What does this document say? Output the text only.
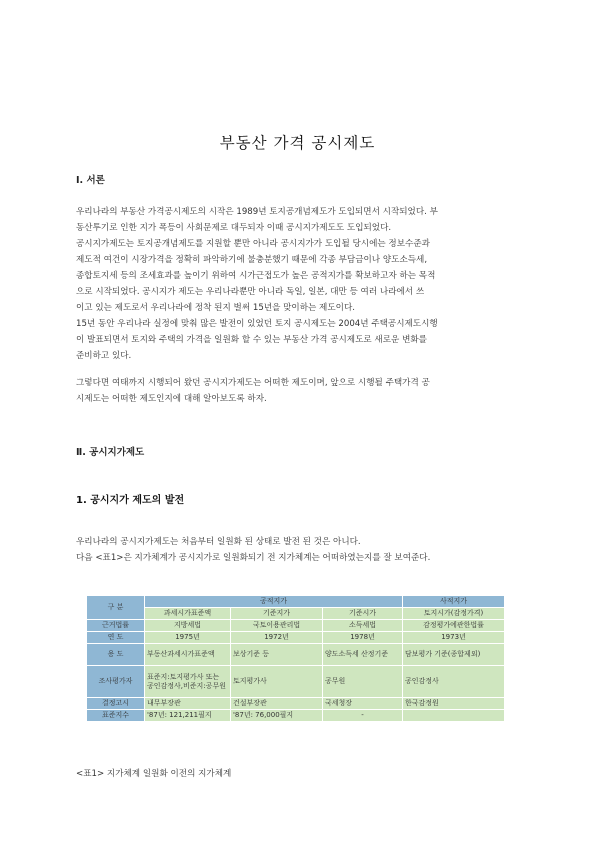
부동산 가격 공시제도
Ⅰ. 서론
우리나라의 부동산 가격공시제도의 시작은 1989년 토지공개념제도가 도입되면서 시작되었다. 부
동산투기로 인한 지가 폭등이 사회문제로 대두되자 이때 공시지가제도도 도입되었다.
공시지가제도는 토지공개념제도를 지원할 뿐만 아니라 공시지가가 도입될 당시에는 정보수준과
제도적 여건이 시장가격을 정확히 파악하기에 불충분했기 때문에 각종 부담금이나 양도소득세,
종합토지세 등의 조세효과를 높이기 위하여 시가근접도가 높은 공적지가를 확보하고자 하는 목적
으로 시작되었다. 공시지가 제도는 우리나라뿐만 아니라 독일, 일본, 대만 등 여러 나라에서 쓰
이고 있는 제도로서 우리나라에 정착 된지 벌써 15년을 맞이하는 제도이다.
15년 동안 우리나라 실정에 맞춰 많은 발전이 있었던 토지 공시제도는 2004년 주택공시제도시행
이 발표되면서 토지와 주택의 가격을 일원화 할 수 있는 부동산 가격 공시제도로 새로운 변화를
준비하고 있다.
그렇다면 여태까지 시행되어 왔던 공시지가제도는 어떠한 제도이며, 앞으로 시행될 주택가격 공
시제도는 어떠한 제도인지에 대해 알아보도록 하자.
Ⅱ. 공시지가제도
1. 공시지가 제도의 발전
우리나라의 공시지가제도는 처음부터 일원화 된 상태로 발전 된 것은 아니다.
다음 <표1>은 지가체계가 공시지가로 일원화되기 전 지가체계는 어떠하였는지를 잘 보여준다.
구 분	공적지가			사적지가
	과세시가표준액	기준지가	기준시가	토지시가(감정가격)
근거법률	지방세법	국토이용관리법	소득세법	감정평가에관한법률
연 도	1975년	1972년	1978년	1973년
용 도	부동산과세시가표준액	보상기준 등	양도소득세 산정기준	담보평가 기준(종합제외)
조사평가자	표준지:토지평가사 또는 공인감정사,비준지:공무원	토지평가사	공무원	공인감정사
결정고시	내무부장관	건설부장관	국세청장	한국감정원
표준지수	'87년: 121,211필지	'87년: 76,000필지	-	
<표1> 지가체계 일원화 이전의 지가체계
